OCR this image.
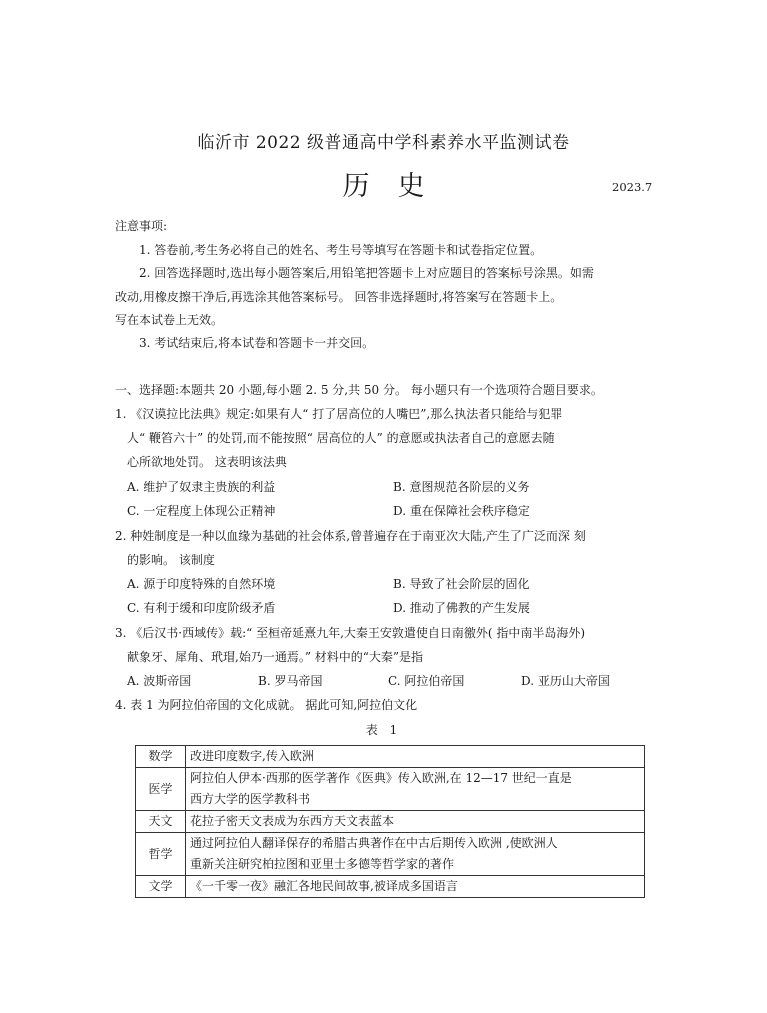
临沂市 2022 级普通高中学科素养水平监测试卷
历史	2023.7
注意事项:
1. 答卷前,考生务必将自己的姓名、考生号等填写在答题卡和试卷指定位置。
2. 回答选择题时,选出每小题答案后,用铅笔把答题卡上对应题目的答案标号涂黑。如需
改动,用橡皮擦干净后,再选涂其他答案标号。 回答非选择题时,将答案写在答题卡上。
写在本试卷上无效。
3. 考试结束后,将本试卷和答题卡一并交回。
一、选择题:本题共 20 小题,每小题 2. 5 分,共 50 分。 每小题只有一个选项符合题目要求。
1. 《汉谟拉比法典》规定:如果有人“ 打了居高位的人嘴巴”,那么执法者只能给与犯罪
人“ 鞭笞六十” 的处罚,而不能按照“ 居高位的人” 的意愿或执法者自己的意愿去随
心所欲地处罚。 这表明该法典
A. 维护了奴隶主贵族的利益	B. 意图规范各阶层的义务
C. 一定程度上体现公正精神	D. 重在保障社会秩序稳定
2. 种姓制度是一种以血缘为基础的社会体系,曾普遍存在于南亚次大陆,产生了广泛而深 刻
的影响。 该制度
A. 源于印度特殊的自然环境	B. 导致了社会阶层的固化
C. 有利于缓和印度阶级矛盾	D. 推动了佛教的产生发展
3. 《后汉书·西域传》载:“ 至桓帝延熹九年,大秦王安敦遣使自日南徼外( 指中南半岛海外)
献象牙、犀角、玳瑁,始乃一通焉。” 材料中的“大秦”是指
A. 波斯帝国	B. 罗马帝国	C. 阿拉伯帝国	D. 亚历山大帝国
4. 表 1 为阿拉伯帝国的文化成就。 据此可知,阿拉伯文化
表 1
数学	改进印度数字,传入欧洲
医学	阿拉伯人伊本·西那的医学著作《医典》传入欧洲,在 12—17 世纪一直是
西方大学的医学教科书

天文	花拉子密天文表成为东西方天文表蓝本
哲学	通过阿拉伯人翻译保存的希腊古典著作在中古后期传入欧洲 ,使欧洲人
重新关注研究柏拉图和亚里士多德等哲学家的著作

文学	《一千零一夜》融汇各地民间故事,被译成多国语言
